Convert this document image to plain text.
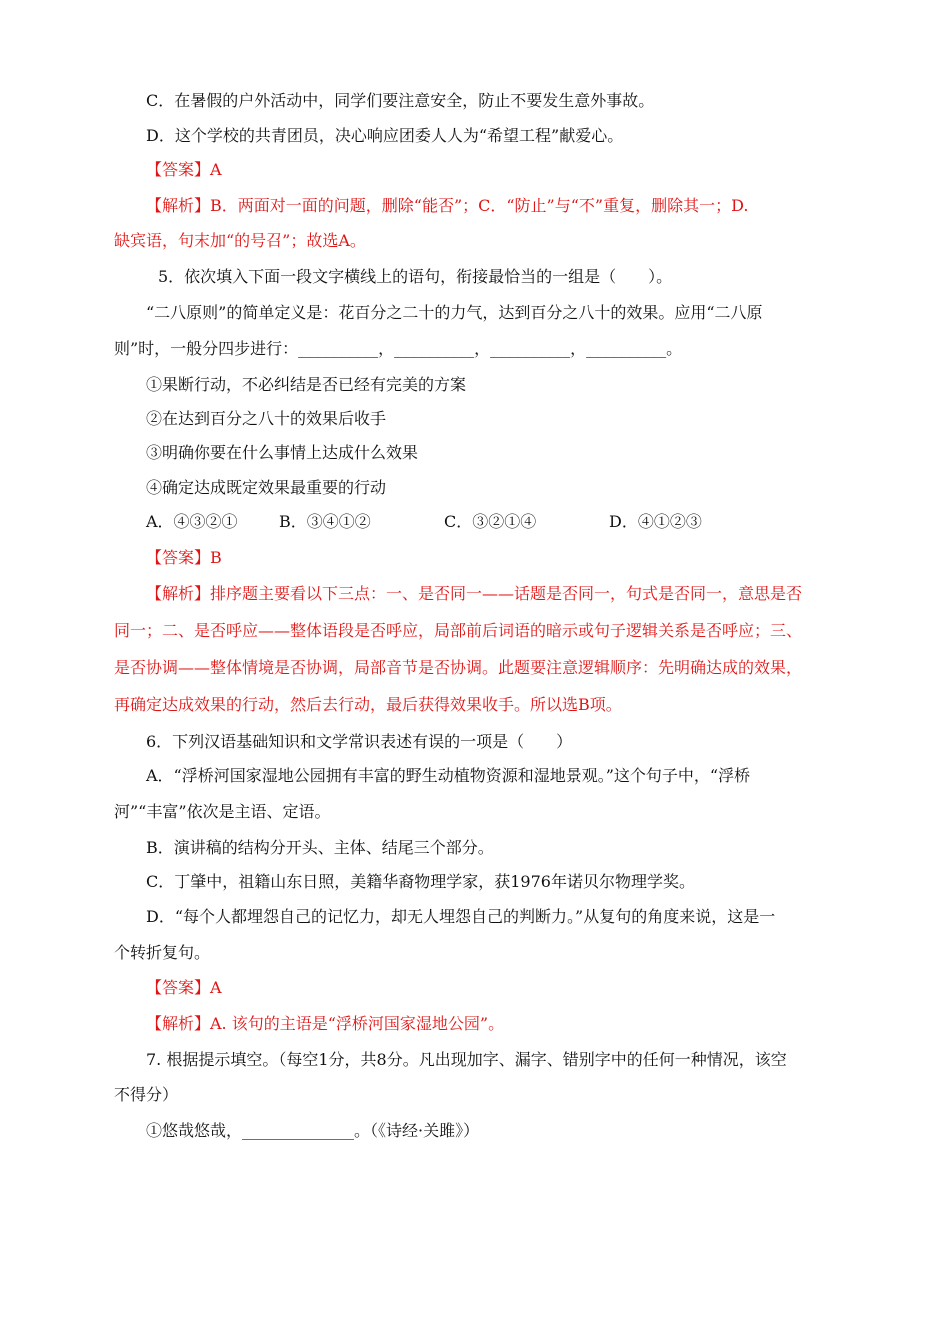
C．在暑假的户外活动中，同学们要注意安全，防止不要发生意外事故。
D．这个学校的共青团员，决心响应团委人人为“希望工程”献爱心。
【答案】A
【解析】B．两面对一面的问题，删除“能否”；C．“防止”与“不”重复，删除其一；D.
缺宾语，句末加“的号召”；故选A。
5．依次填入下面一段文字横线上的语句，衔接最恰当的一组是（　　）。
“二八原则”的简单定义是：花百分之二十的力气，达到百分之八十的效果。应用“二八原
则”时，一般分四步进行：__________，__________，__________，__________。
①果断行动，不必纠结是否已经有完美的方案
②在达到百分之八十的效果后收手
③明确你要在什么事情上达成什么效果
④确定达成既定效果最重要的行动

A．④③②①

	B．③④①②

	C．③②①④

	D．④①②③

【答案】B
【解析】排序题主要看以下三点：一、是否同一——话题是否同一，句式是否同一，意思是否
同一；二、是否呼应——整体语段是否呼应，局部前后词语的暗示或句子逻辑关系是否呼应；三、
是否协调——整体情境是否协调，局部音节是否协调。此题要注意逻辑顺序：先明确达成的效果，
再确定达成效果的行动，然后去行动，最后获得效果收手。所以选B项。
6．下列汉语基础知识和文学常识表述有误的一项是（　　）
A．“浮桥河国家湿地公园拥有丰富的野生动植物资源和湿地景观。”这个句子中，“浮桥
河”“丰富”依次是主语、定语。
B．演讲稿的结构分开头、主体、结尾三个部分。
C．丁肇中，祖籍山东日照，美籍华裔物理学家，获1976年诺贝尔物理学奖。
D．“每个人都埋怨自己的记忆力，却无人埋怨自己的判断力。”从复句的角度来说，这是一
个转折复句。
【答案】A
【解析】A. 该句的主语是“浮桥河国家湿地公园”。
7. 根据提示填空。（每空1分，共8分。凡出现加字、漏字、错别字中的任何一种情况，该空
不得分）
①悠哉悠哉，______________。（《诗经·关雎》）
